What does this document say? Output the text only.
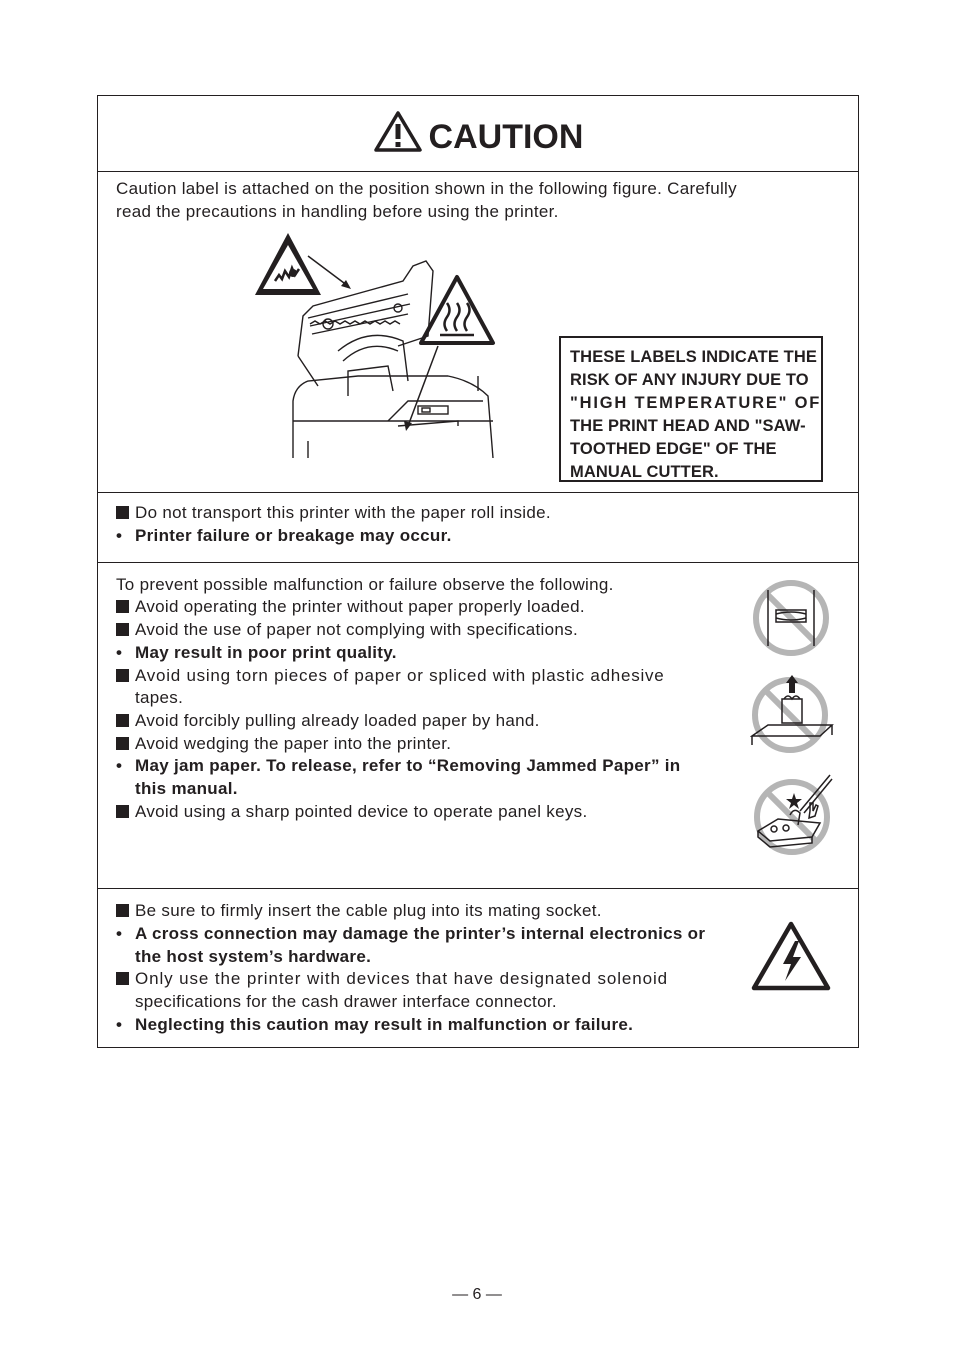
CAUTION
Caution label is attached on the position shown in the following figure. Carefully
read the precautions in handling before using the printer.
THESE LABELS INDICATE THE
RISK OF ANY INJURY DUE TO
"HIGH TEMPERATURE" OF
THE PRINT HEAD AND "SAW-
TOOTHED EDGE" OF THE
MANUAL CUTTER.
Do not transport this printer with the paper roll inside.
• Printer failure or breakage may occur.
To prevent possible malfunction or failure observe the following.
Avoid operating the printer without paper properly loaded.
Avoid the use of paper not complying with specifications.
• May result in poor print quality.
Avoid using torn pieces of paper or spliced with plastic adhesive
tapes.
Avoid forcibly pulling already loaded paper by hand.
Avoid wedging the paper into the printer.
• May jam paper. To release, refer to “Removing Jammed Paper” in
this manual.
Avoid using a sharp pointed device to operate panel keys.
Be sure to firmly insert the cable plug into its mating socket.
• A cross connection may damage the printer’s internal electronics or
the host system’s hardware.
Only use the printer with devices that have designated solenoid
specifications for the cash drawer interface connector.
• Neglecting this caution may result in malfunction or failure.
— 6 —
